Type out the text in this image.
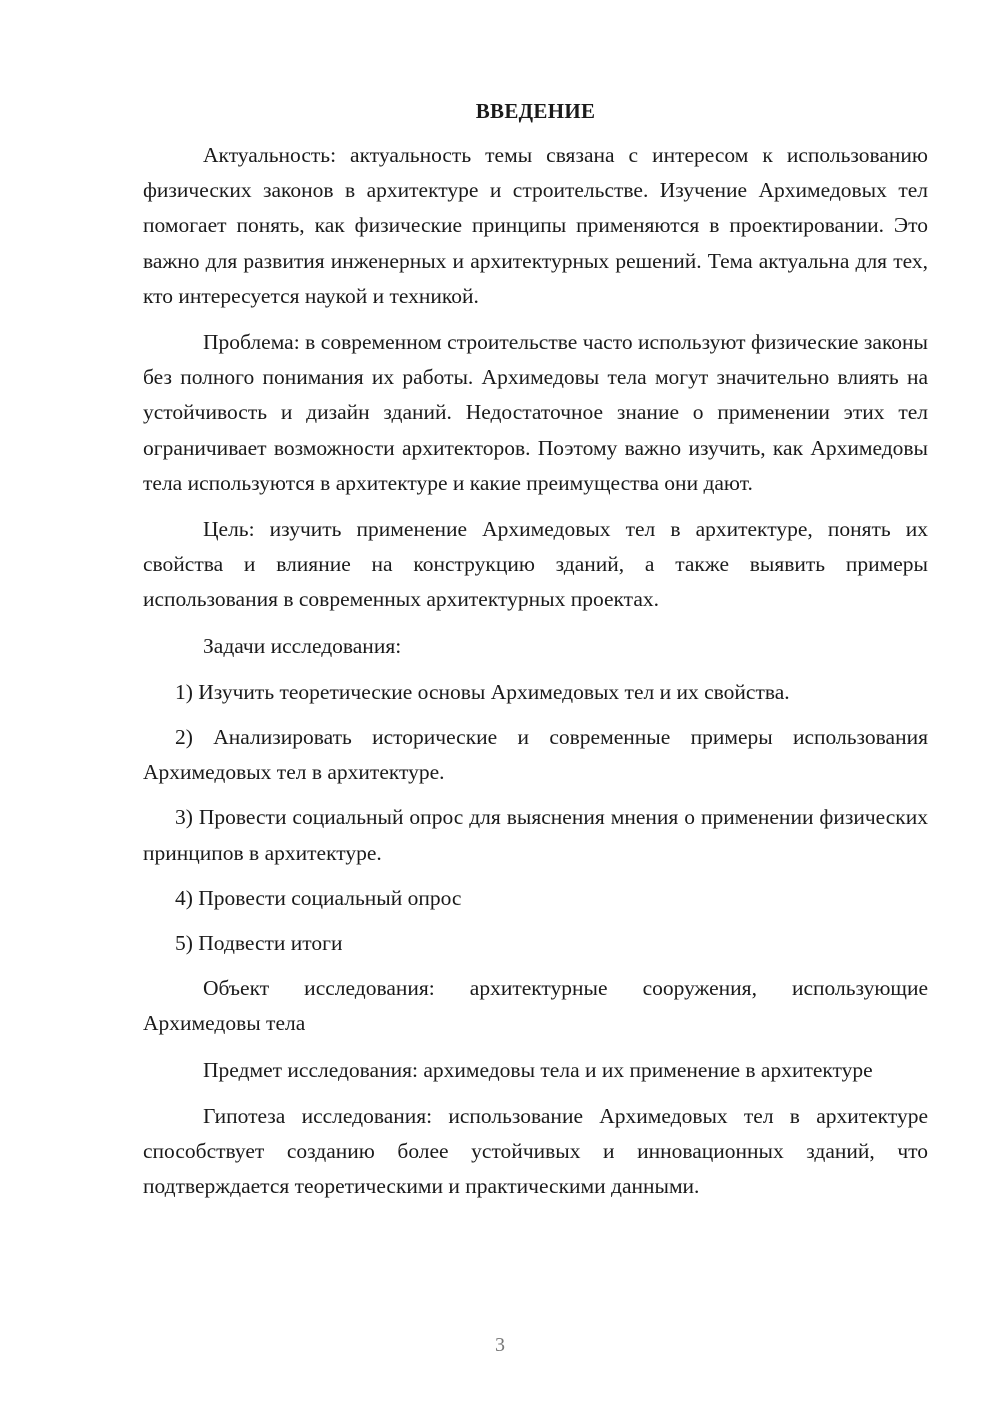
ВВЕДЕНИЕ

Актуальность: актуальность темы связана с интересом к использованию физических законов в архитектуре и строительстве. Изучение Архимедовых тел помогает понять, как физические принципы применяются в проектировании. Это важно для развития инженерных и архитектурных решений. Тема актуальна для тех, кто интересуется наукой и техникой.

Проблема: в современном строительстве часто используют физические законы без полного понимания их работы. Архимедовы тела могут значительно влиять на устойчивость и дизайн зданий. Недостаточное знание о применении этих тел ограничивает возможности архитекторов. Поэтому важно изучить, как Архимедовы тела используются в архитектуре и какие преимущества они дают.

Цель: изучить применение Архимедовых тел в архитектуре, понять их свойства и влияние на конструкцию зданий, а также выявить примеры использования в современных архитектурных проектах.

Задачи исследования:

1) Изучить теоретические основы Архимедовых тел и их свойства.

2) Анализировать исторические и современные примеры использования Архимедовых тел в архитектуре.

3) Провести социальный опрос для выяснения мнения о применении физических принципов в архитектуре.

4) Провести социальный опрос

5) Подвести итоги

Объект исследования: архитектурные сооружения, использующие Архимедовы тела

Предмет исследования: архимедовы тела и их применение в архитектуре

Гипотеза исследования: использование Архимедовых тел в архитектуре способствует созданию более устойчивых и инновационных зданий, что подтверждается теоретическими и практическими данными.

3
